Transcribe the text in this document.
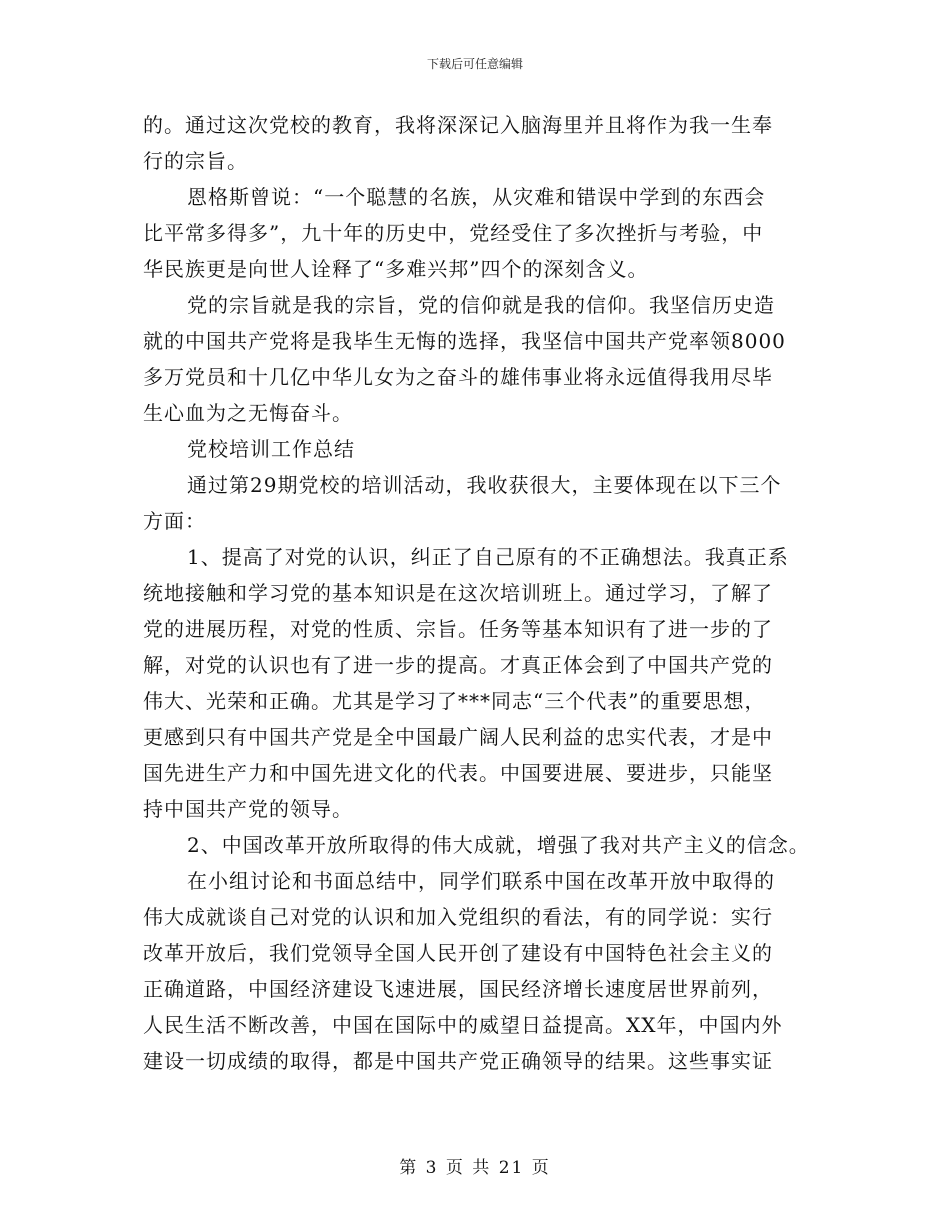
下载后可任意编辑
的。通过这次党校的教育，我将深深记入脑海里并且将作为我一生奉
行的宗旨。
恩格斯曾说：“一个聪慧的名族，从灾难和错误中学到的东西会
比平常多得多”，九十年的历史中，党经受住了多次挫折与考验，中
华民族更是向世人诠释了“多难兴邦”四个的深刻含义。
党的宗旨就是我的宗旨，党的信仰就是我的信仰。我坚信历史造
就的中国共产党将是我毕生无悔的选择，我坚信中国共产党率领8000
多万党员和十几亿中华儿女为之奋斗的雄伟事业将永远值得我用尽毕
生心血为之无悔奋斗。
党校培训工作总结
通过第29期党校的培训活动，我收获很大，主要体现在以下三个
方面：
1、提高了对党的认识，纠正了自己原有的不正确想法。我真正系
统地接触和学习党的基本知识是在这次培训班上。通过学习，了解了
党的进展历程，对党的性质、宗旨。任务等基本知识有了进一步的了
解，对党的认识也有了进一步的提高。才真正体会到了中国共产党的
伟大、光荣和正确。尤其是学习了***同志“三个代表”的重要思想，
更感到只有中国共产党是全中国最广阔人民利益的忠实代表，才是中
国先进生产力和中国先进文化的代表。中国要进展、要进步，只能坚
持中国共产党的领导。
2、中国改革开放所取得的伟大成就，增强了我对共产主义的信念。
在小组讨论和书面总结中，同学们联系中国在改革开放中取得的
伟大成就谈自己对党的认识和加入党组织的看法，有的同学说：实行
改革开放后，我们党领导全国人民开创了建设有中国特色社会主义的
正确道路，中国经济建设飞速进展，国民经济增长速度居世界前列，
人民生活不断改善，中国在国际中的威望日益提高。XX年，中国内外
建设一切成绩的取得，都是中国共产党正确领导的结果。这些事实证
第 3 页 共 21 页
